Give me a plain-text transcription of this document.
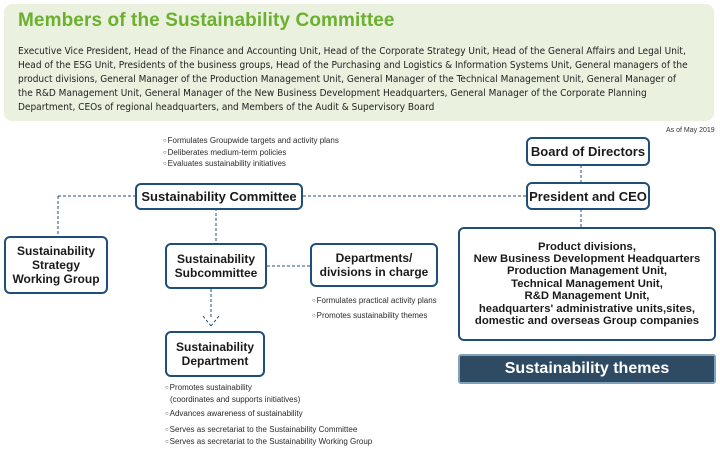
Members of the Sustainability Committee
Executive Vice President, Head of the Finance and Accounting Unit, Head of the Corporate Strategy Unit, Head of the General Affairs and Legal Unit,
Head of the ESG Unit, Presidents of the business groups, Head of the Purchasing and Logistics & Information Systems Unit, General managers of the
product divisions, General Manager of the Production Management Unit, General Manager of the Technical Management Unit, General Manager of
the R&D Management Unit, General Manager of the New Business Development Headquarters, General Manager of the Corporate Planning
Department, CEOs of regional headquarters, and Members of the Audit & Supervisory Board
As of May 2019
Sustainability Committee
Board of Directors
President and CEO
Sustainability
Strategy
Working Group
Sustainability
Subcommittee
Departments/
divisions in charge
Sustainability
Department
Product divisions,
New Business Development Headquarters
Production Management Unit,
Technical Management Unit,
R&D Management Unit,
headquarters' administrative units,sites,
domestic and overseas Group companies
Sustainability themes
○ Formulates Groupwide targets and activity plans
○ Deliberates medium-term policies
○ Evaluates sustainability initiatives
○ Formulates practical activity plans
○ Promotes sustainability themes
○ Promotes sustainability
(coordinates and supports initiatives)
○ Advances awareness of sustainability
○ Serves as secretariat to the Sustainability Committee
○ Serves as secretariat to the Sustainability Working Group
